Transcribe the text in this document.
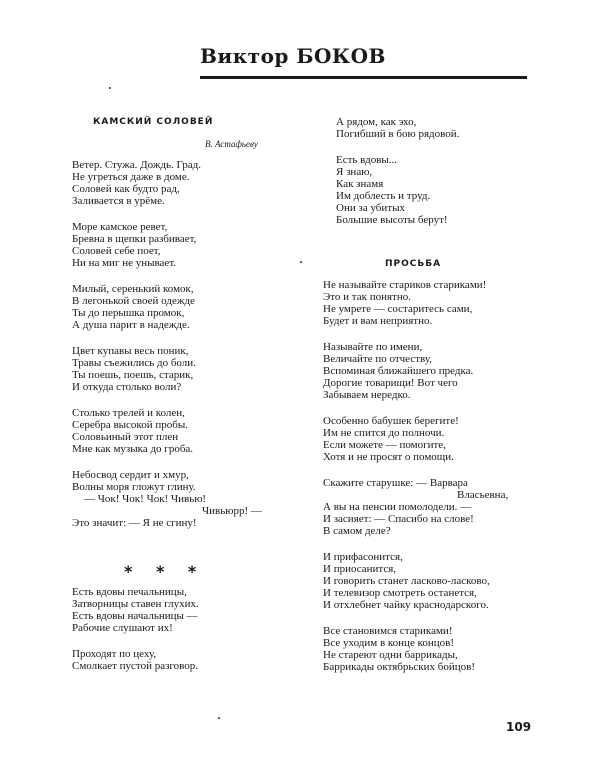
Виктор БОКОВ
КАМСКИЙ СОЛОВЕЙ
В. Астафьеву
Ветер. Стужа. Дождь. Град.
Не угреться даже в доме.
Соловей как будто рад,
Заливается в урёме.
Море камское ревет,
Бревна в щепки разбивает,
Соловей себе поет,
Ни на миг не унывает.
Милый, серенький комок,
В легонькой своей одежде
Ты до перышка промок,
А душа парит в надежде.
Цвет купавы весь поник,
Травы съежились до боли.
Ты поешь, поешь, старик,
И откуда столько воли?
Столько трелей и колен,
Серебра высокой пробы.
Соловьиный этот плен
Мне как музыка до гроба.
Небосвод сердит и хмур,
Волны моря гложут глину.
— Чок! Чок! Чок! Чивью!
Чивьюрр! —
Это значит: — Я не сгину!
* * *
Есть вдовы печальницы,
Затворницы ставен глухих.
Есть вдовы начальницы —
Рабочие слушают их!
Проходят по цеху,
Смолкает пустой разговор.
А рядом, как эхо,
Погибший в бою рядовой.
Есть вдовы...
Я знаю,
Как знамя
Им доблесть и труд.
Они за убитых
Большие высоты берут!
ПРОСЬБА
Не называйте стариков стариками!
Это и так понятно.
Не умрете — состаритесь сами,
Будет и вам неприятно.
Называйте по имени,
Величайте по отчеству,
Вспоминая ближайшего предка.
Дорогие товарищи! Вот чего
Забываем нередко.
Особенно бабушек берегите!
Им не спится до полночи.
Если можете — помогите,
Хотя и не просят о помощи.
Скажите старушке: — Варвара
Власьевна,
А вы на пенсии помолодели. —
И засияет: — Спасибо на слове!
В самом деле?
И прифасонится,
И приосанится,
И говорить станет ласково-ласково,
И телевизор смотреть останется,
И отхлебнет чайку краснодарского.
Все становимся стариками!
Все уходим в конце концов!
Не стареют одни баррикады,
Баррикады октябрьских бойцов!
109
